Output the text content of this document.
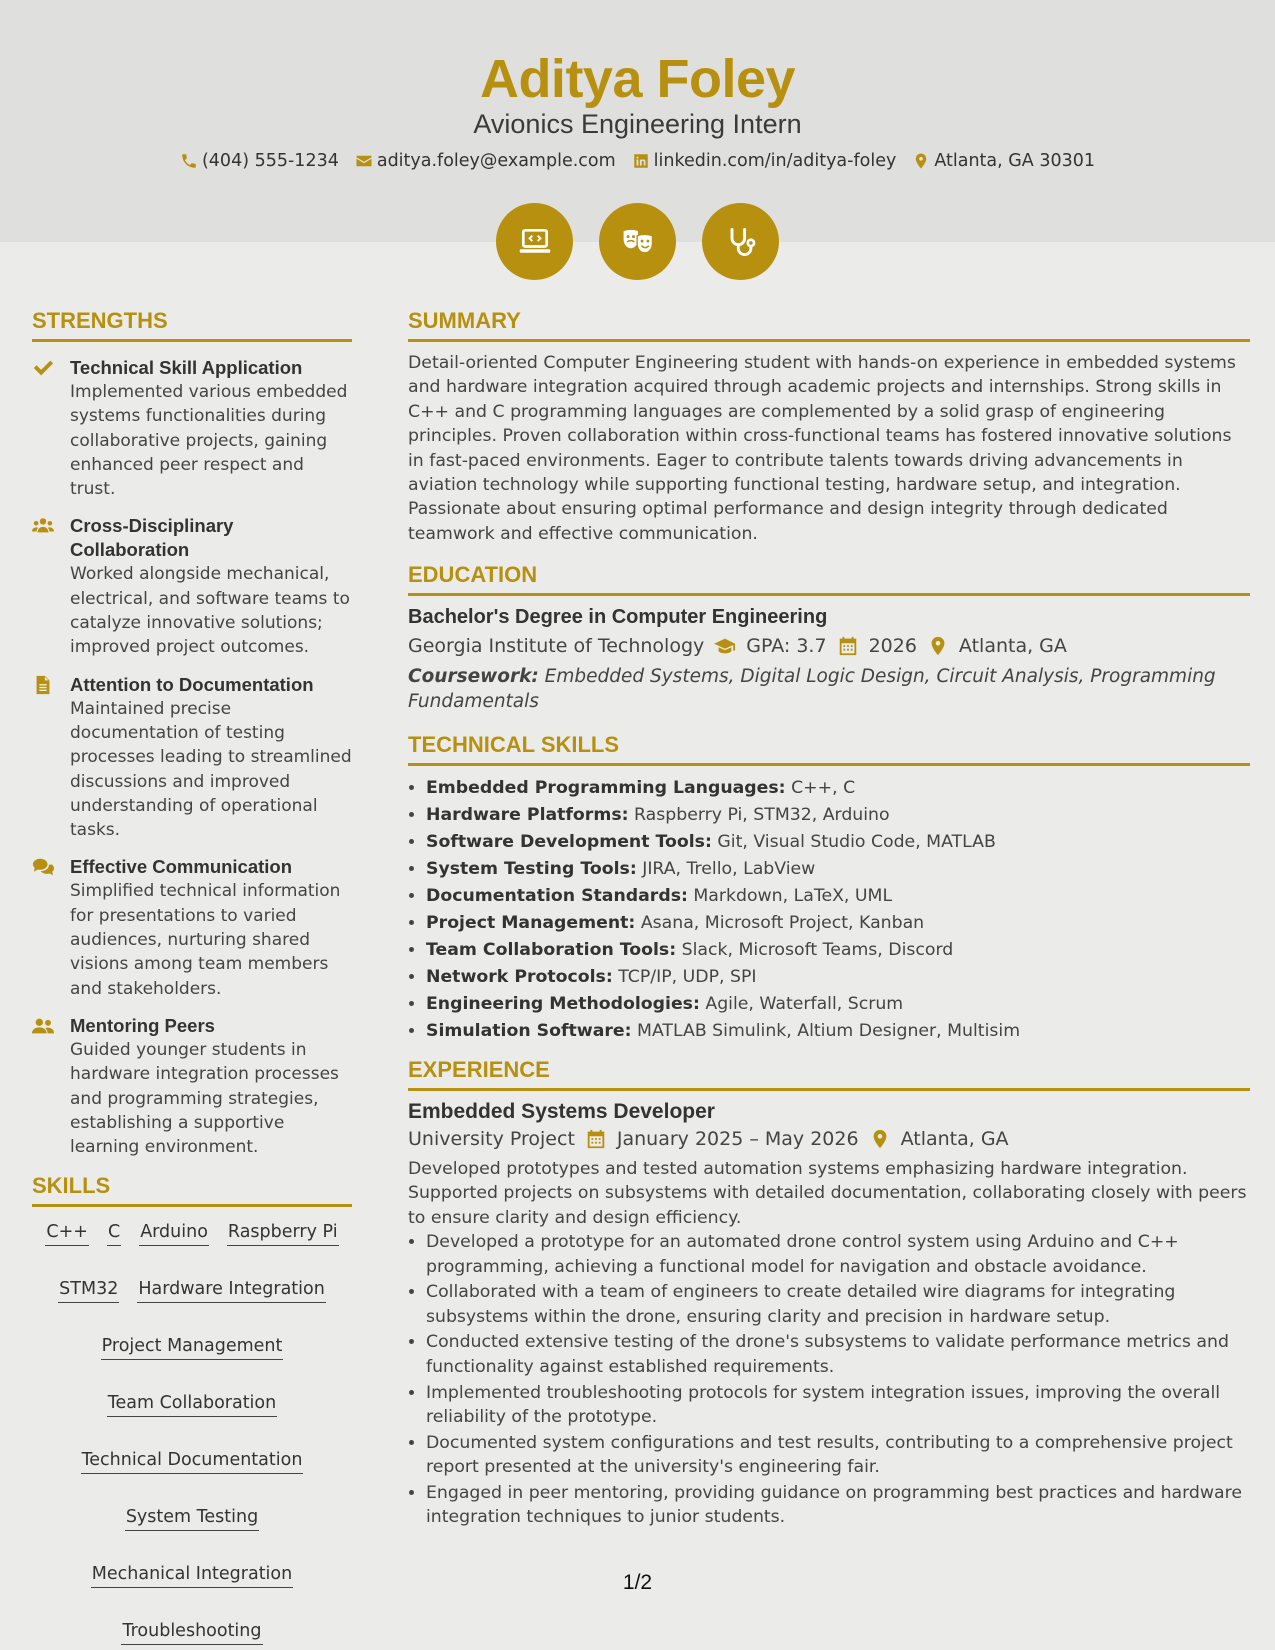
Aditya Foley
Avionics Engineering Intern
(404) 555-1234 aditya.foley@example.com linkedin.com/in/aditya-foley Atlanta, GA 30301
STRENGTHS
Technical Skill Application
Implemented various embedded systems functionalities during collaborative projects, gaining enhanced peer respect and trust.
Cross-Disciplinary Collaboration
Worked alongside mechanical, electrical, and software teams to catalyze innovative solutions; improved project outcomes.
Attention to Documentation
Maintained precise documentation of testing processes leading to streamlined discussions and improved understanding of operational tasks.
Effective Communication
Simplified technical information for presentations to varied audiences, nurturing shared visions among team members and stakeholders.
Mentoring Peers
Guided younger students in hardware integration processes and programming strategies, establishing a supportive learning environment.
SKILLS
C++ C Arduino Raspberry Pi
STM32 Hardware Integration
Project Management
Team Collaboration
Technical Documentation
System Testing
Mechanical Integration
Troubleshooting
SUMMARY

Detail-oriented Computer Engineering student with hands-on experience in embedded systems and hardware integration acquired through academic projects and internships. Strong skills in C++ and C programming languages are complemented by a solid grasp of engineering principles. Proven collaboration within cross-functional teams has fostered innovative solutions in fast-paced environments. Eager to contribute talents towards driving advancements in aviation technology while supporting functional testing, hardware setup, and integration. Passionate about ensuring optimal performance and design integrity through dedicated teamwork and effective communication.

EDUCATION
Bachelor's Degree in Computer Engineering
Georgia Institute of Technology GPA: 3.7 2026 Atlanta, GA

Coursework: Embedded Systems, Digital Logic Design, Circuit Analysis, Programming Fundamentals

TECHNICAL SKILLS
• Embedded Programming Languages: C++, C
• Hardware Platforms: Raspberry Pi, STM32, Arduino
• Software Development Tools: Git, Visual Studio Code, MATLAB
• System Testing Tools: JIRA, Trello, LabView
• Documentation Standards: Markdown, LaTeX, UML
• Project Management: Asana, Microsoft Project, Kanban
• Team Collaboration Tools: Slack, Microsoft Teams, Discord
• Network Protocols: TCP/IP, UDP, SPI
• Engineering Methodologies: Agile, Waterfall, Scrum
• Simulation Software: MATLAB Simulink, Altium Designer, Multisim
EXPERIENCE
Embedded Systems Developer
University Project January 2025 – May 2026 Atlanta, GA

Developed prototypes and tested automation systems emphasizing hardware integration. Supported projects on subsystems with detailed documentation, collaborating closely with peers to ensure clarity and design efficiency.

• Developed a prototype for an automated drone control system using Arduino and C++ programming, achieving a functional model for navigation and obstacle avoidance.
• Collaborated with a team of engineers to create detailed wire diagrams for integrating subsystems within the drone, ensuring clarity and precision in hardware setup.
• Conducted extensive testing of the drone's subsystems to validate performance metrics and functionality against established requirements.
• Implemented troubleshooting protocols for system integration issues, improving the overall reliability of the prototype.
• Documented system configurations and test results, contributing to a comprehensive project report presented at the university's engineering fair.
• Engaged in peer mentoring, providing guidance on programming best practices and hardware integration techniques to junior students.
1/2
